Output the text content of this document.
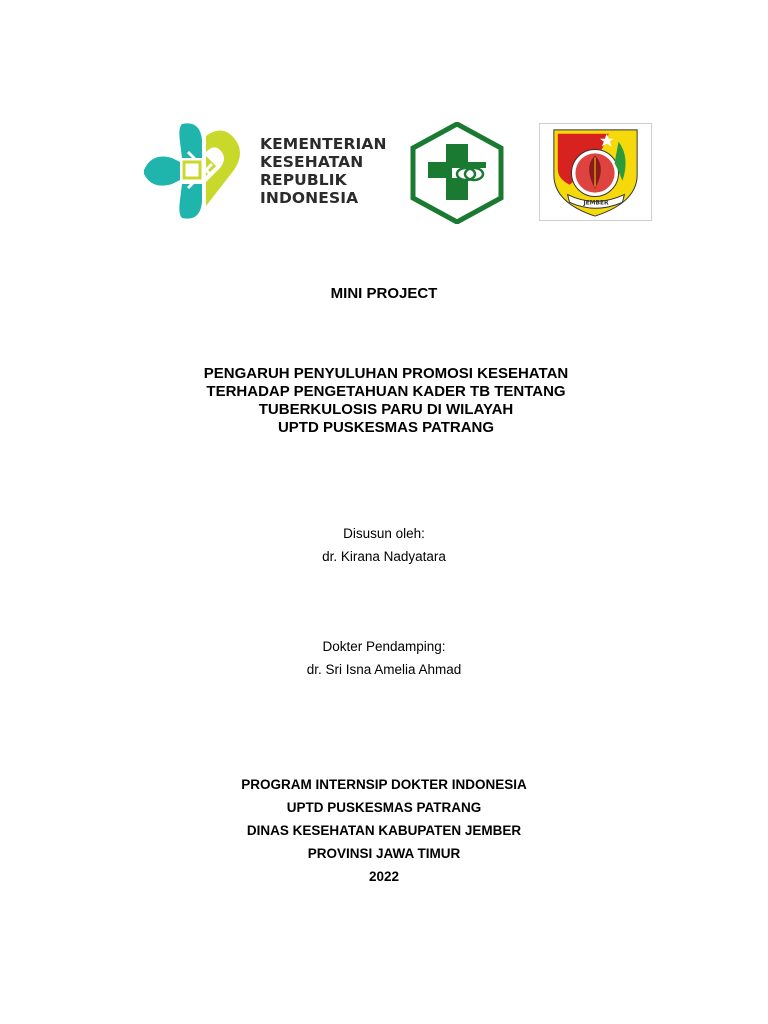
KEMENTERIAN
KESEHATAN
REPUBLIK
INDONESIA	JEMBER
MINI PROJECT
PENGARUH PENYULUHAN PROMOSI KESEHATAN
TERHADAP PENGETAHUAN KADER TB TENTANG
TUBERKULOSIS PARU DI WILAYAH
UPTD PUSKESMAS PATRANG
Disusun oleh:
dr. Kirana Nadyatara
Dokter Pendamping:
dr. Sri Isna Amelia Ahmad
PROGRAM INTERNSIP DOKTER INDONESIA
UPTD PUSKESMAS PATRANG
DINAS KESEHATAN KABUPATEN JEMBER
PROVINSI JAWA TIMUR
2022
